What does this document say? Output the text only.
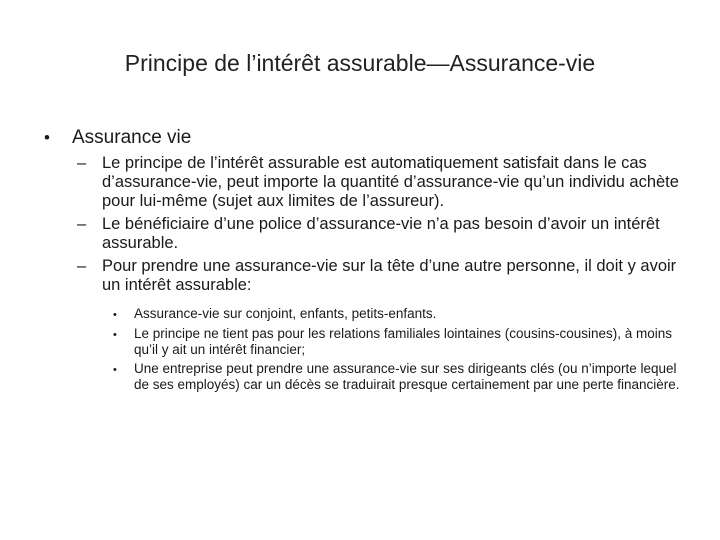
Principe de l’intérêt assurable—Assurance-vie
•	Assurance vie
– Le principe de l’intérêt assurable est automatiquement satisfait dans le cas d’assurance-vie, peut importe la quantité d’assurance-vie qu’un individu achète pour lui-même (sujet aux limites de l’assureur).
– Le bénéficiaire d’une police d’assurance-vie n’a pas besoin d’avoir un intérêt assurable.
– Pour prendre une assurance-vie sur la tête d’une autre personne, il doit y avoir un intérêt assurable:
•	Assurance-vie sur conjoint, enfants, petits-enfants.
•	Le principe ne tient pas pour les relations familiales lointaines (cousins-cousines), à moins qu’il y ait un intérêt financier;
•	Une entreprise peut prendre une assurance-vie sur ses dirigeants clés (ou n’importe lequel de ses employés) car un décès se traduirait presque certainement par une perte financière.
